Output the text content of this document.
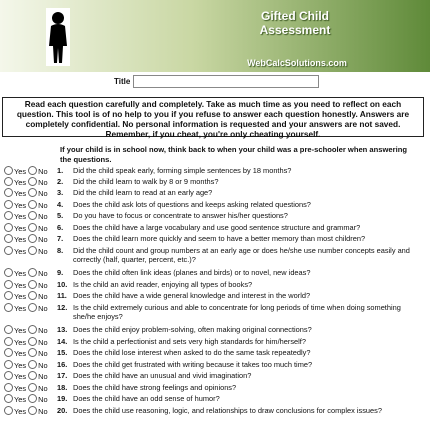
Gifted Child
Assessment
WebCalcSolutions.com
Title
Read each question carefully and completely. Take as much time as you need to reflect on each question. This tool is of no help to you if you refuse to answer each question honestly. Answers are completely confidential. No personal information is requested and your answers are not saved. Remember, if you cheat, you're only cheating yourself.
If your child is in school now, think back to when your child was a pre-schooler when answering the questions.
Yes No 1. Did the child speak early, forming simple sentences by 18 months?
Yes No 2. Did the child learn to walk by 8 or 9 months?
Yes No 3. Did the child learn to read at an early age?
Yes No 4. Does the child ask lots of questions and keeps asking related questions?
Yes No 5. Do you have to focus or concentrate to answer his/her questions?
Yes No 6. Does the child have a large vocabulary and use good sentence structure and grammar?
Yes No 7. Does the child learn more quickly and seem to have a better memory than most children?
Yes No 8. Did the child count and group numbers at an early age or does he/she use number concepts easily and correctly (half, quarter, percent, etc.)?
Yes No 9. Does the child often link ideas (planes and birds) or to novel, new ideas?
Yes No 10. Is the child an avid reader, enjoying all types of books?
Yes No 11. Does the child have a wide general knowledge and interest in the world?
Yes No 12. Is the child extremely curious and able to concentrate for long periods of time when doing something she/he enjoys?
Yes No 13. Does the child enjoy problem-solving, often making original connections?
Yes No 14. Is the child a perfectionist and sets very high standards for him/herself?
Yes No 15. Does the child lose interest when asked to do the same task repeatedly?
Yes No 16. Does the child get frustrated with writing because it takes too much time?
Yes No 17. Does the child have an unusual and vivid imagination?
Yes No 18. Does the child have strong feelings and opinions?
Yes No 19. Does the child have an odd sense of humor?
Yes No 20. Does the child use reasoning, logic, and relationships to draw conclusions for complex issues?
